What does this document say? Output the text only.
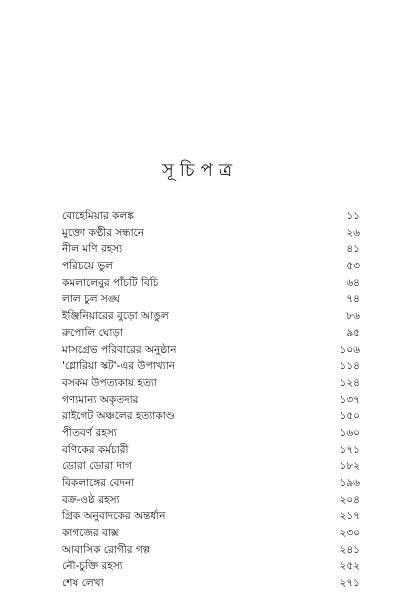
সূচিপত্র
বোহেমিয়ার কলঙ্ক	১১
মুক্তো কণ্ঠীর সন্ধানে	২৬
নীল মণি রহস্য	৪১
পরিচয়ে ভুল	৫৩
কমলালেবুর পাঁচটি বিচি	৬৪
লাল চুল সঙ্ঘ	৭৪
ইঞ্জিনিয়ারের বুড়ো আঙুল	৮৬
রুপোলি ঘোড়া	৯৫
মাসগ্রেভ পরিবারের অনুষ্ঠান	১০৬
'গ্লোরিয়া স্কট'-এর উপাখ্যান	১১৪
বসকম উপত্যকায় হত্যা	১২৪
গণ্যমান্য অকৃতদার	১৩৭
রাইগেট অঞ্চলের হত্যাকাণ্ড	১৫০
পীতবর্ণ রহস্য	১৬০
বণিকের কর্মচারী	১৭১
ডোরা ডোরা দাগ	১৮২
বিকলাঙ্গের বেদনা	১৯৬
বক্র-ওষ্ঠ রহস্য	২০৪
গ্রিক অনুবাদকের অন্তর্ধান	২১৭
কাগজের বাক্স	২৩০
আবাসিক রোগীর গল্প	২৪১
নৌ-চুক্তি রহস্য	২৫২
শেষ লেখা	২৭১
